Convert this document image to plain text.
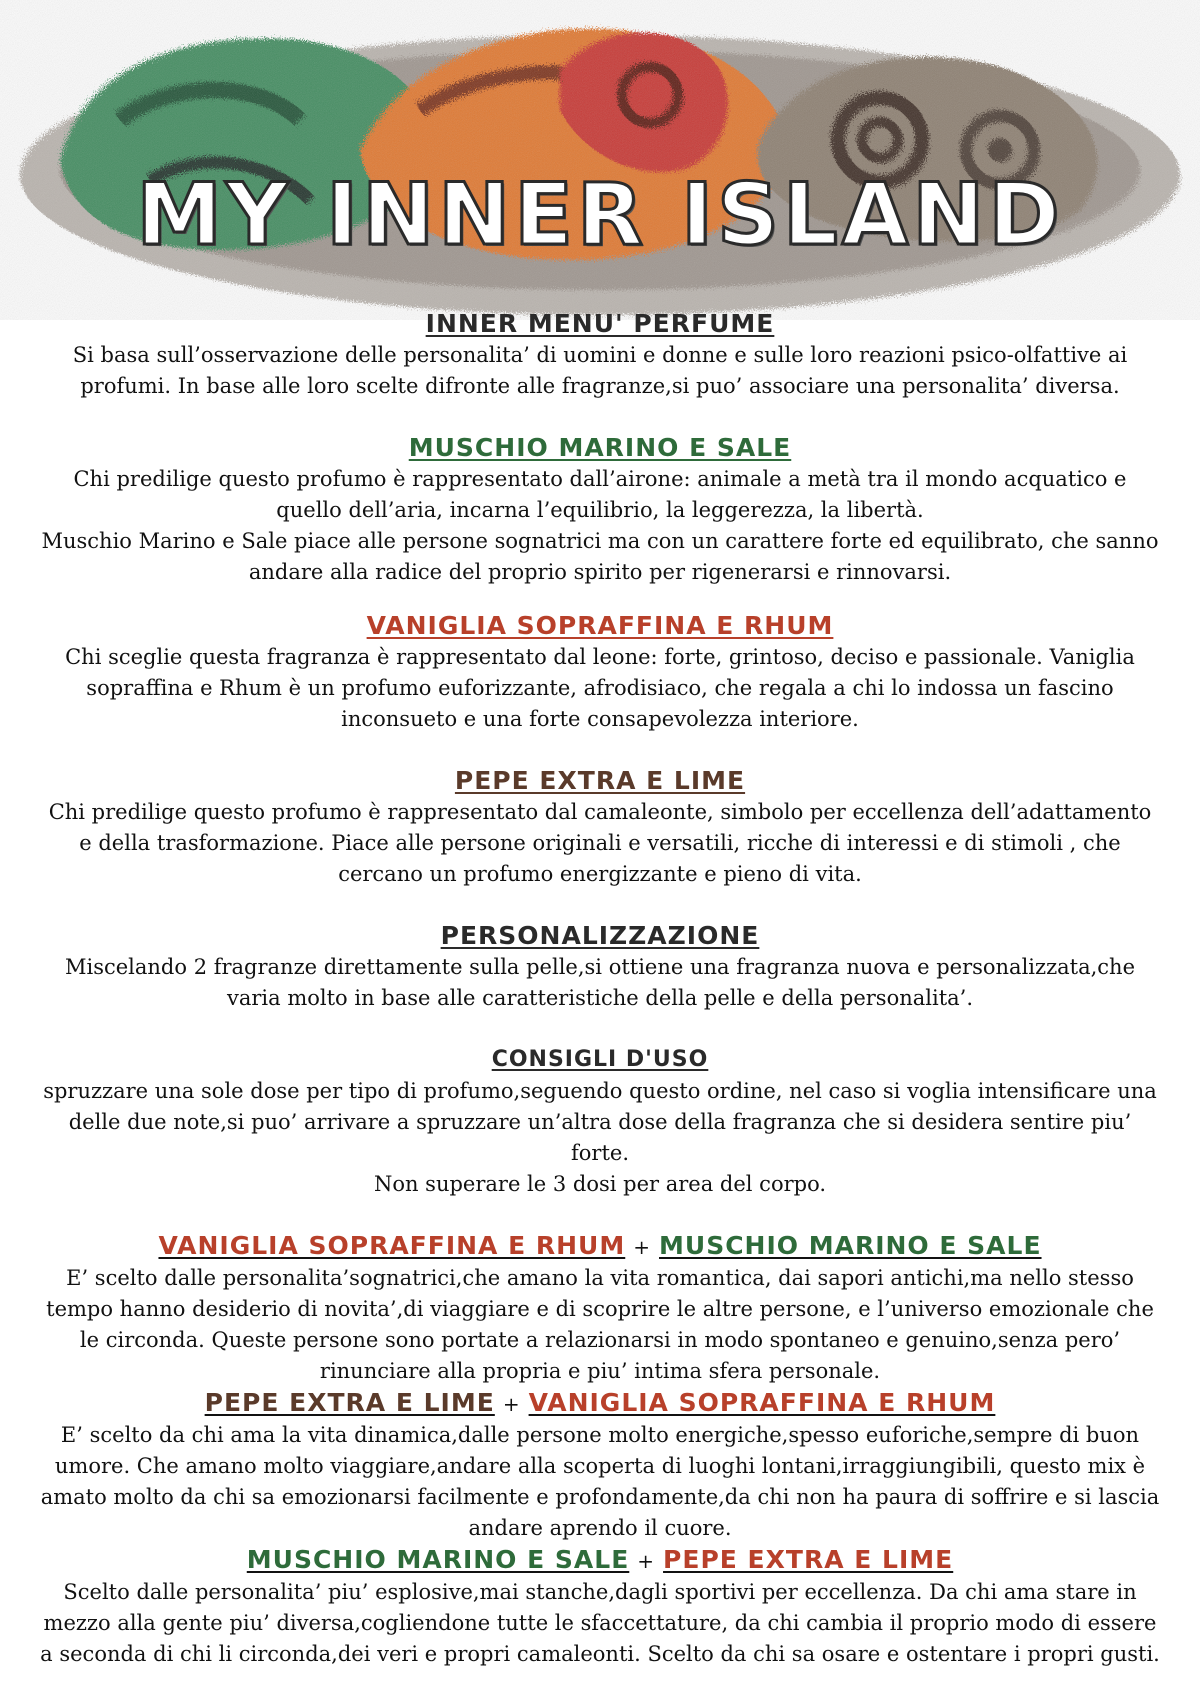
MY INNER ISLAND
INNER MENU' PERFUME

Si basa sull’osservazione delle personalita’ di uomini e donne e sulle loro reazioni psico-olfattive ai profumi. In base alle loro scelte difronte alle fragranze,si puo’ associare una personalita’ diversa.

MUSCHIO MARINO E SALE

Chi predilige questo profumo è rappresentato dall’airone: animale a metà tra il mondo acquatico e quello dell’aria, incarna l’equilibrio, la leggerezza, la libertà.

Muschio Marino e Sale piace alle persone sognatrici ma con un carattere forte ed equilibrato, che sanno andare alla radice del proprio spirito per rigenerarsi e rinnovarsi.

VANIGLIA SOPRAFFINA E RHUM

Chi sceglie questa fragranza è rappresentato dal leone: forte, grintoso, deciso e passionale. Vaniglia sopraffina e Rhum è un profumo euforizzante, afrodisiaco, che regala a chi lo indossa un fascino inconsueto e una forte consapevolezza interiore.

PEPE EXTRA E LIME

Chi predilige questo profumo è rappresentato dal camaleonte, simbolo per eccellenza dell’adattamento e della trasformazione. Piace alle persone originali e versatili, ricche di interessi e di stimoli , che cercano un profumo energizzante e pieno di vita.

PERSONALIZZAZIONE

Miscelando 2 fragranze direttamente sulla pelle,si ottiene una fragranza nuova e personalizzata,che varia molto in base alle caratteristiche della pelle e della personalita’.

CONSIGLI D'USO

spruzzare una sole dose per tipo di profumo,seguendo questo ordine, nel caso si voglia intensificare una delle due note,si puo’ arrivare a spruzzare un’altra dose della fragranza che si desidera sentire piu’ forte.

Non superare le 3 dosi per area del corpo.

VANIGLIA SOPRAFFINA E RHUM + MUSCHIO MARINO E SALE

E’ scelto dalle personalita’sognatrici,che amano la vita romantica, dai sapori antichi,ma nello stesso tempo hanno desiderio di novita’,di viaggiare e di scoprire le altre persone, e l’universo emozionale che le circonda. Queste persone sono portate a relazionarsi in modo spontaneo e genuino,senza pero’ rinunciare alla propria e piu’ intima sfera personale.

PEPE EXTRA E LIME + VANIGLIA SOPRAFFINA E RHUM

E’ scelto da chi ama la vita dinamica,dalle persone molto energiche,spesso euforiche,sempre di buon umore. Che amano molto viaggiare,andare alla scoperta di luoghi lontani,irraggiungibili, questo mix è amato molto da chi sa emozionarsi facilmente e profondamente,da chi non ha paura di soffrire e si lascia andare aprendo il cuore.

MUSCHIO MARINO E SALE + PEPE EXTRA E LIME

Scelto dalle personalita’ piu’ esplosive,mai stanche,dagli sportivi per eccellenza. Da chi ama stare in mezzo alla gente piu’ diversa,cogliendone tutte le sfaccettature, da chi cambia il proprio modo di essere a seconda di chi li circonda,dei veri e propri camaleonti. Scelto da chi sa osare e ostentare i propri gusti.
